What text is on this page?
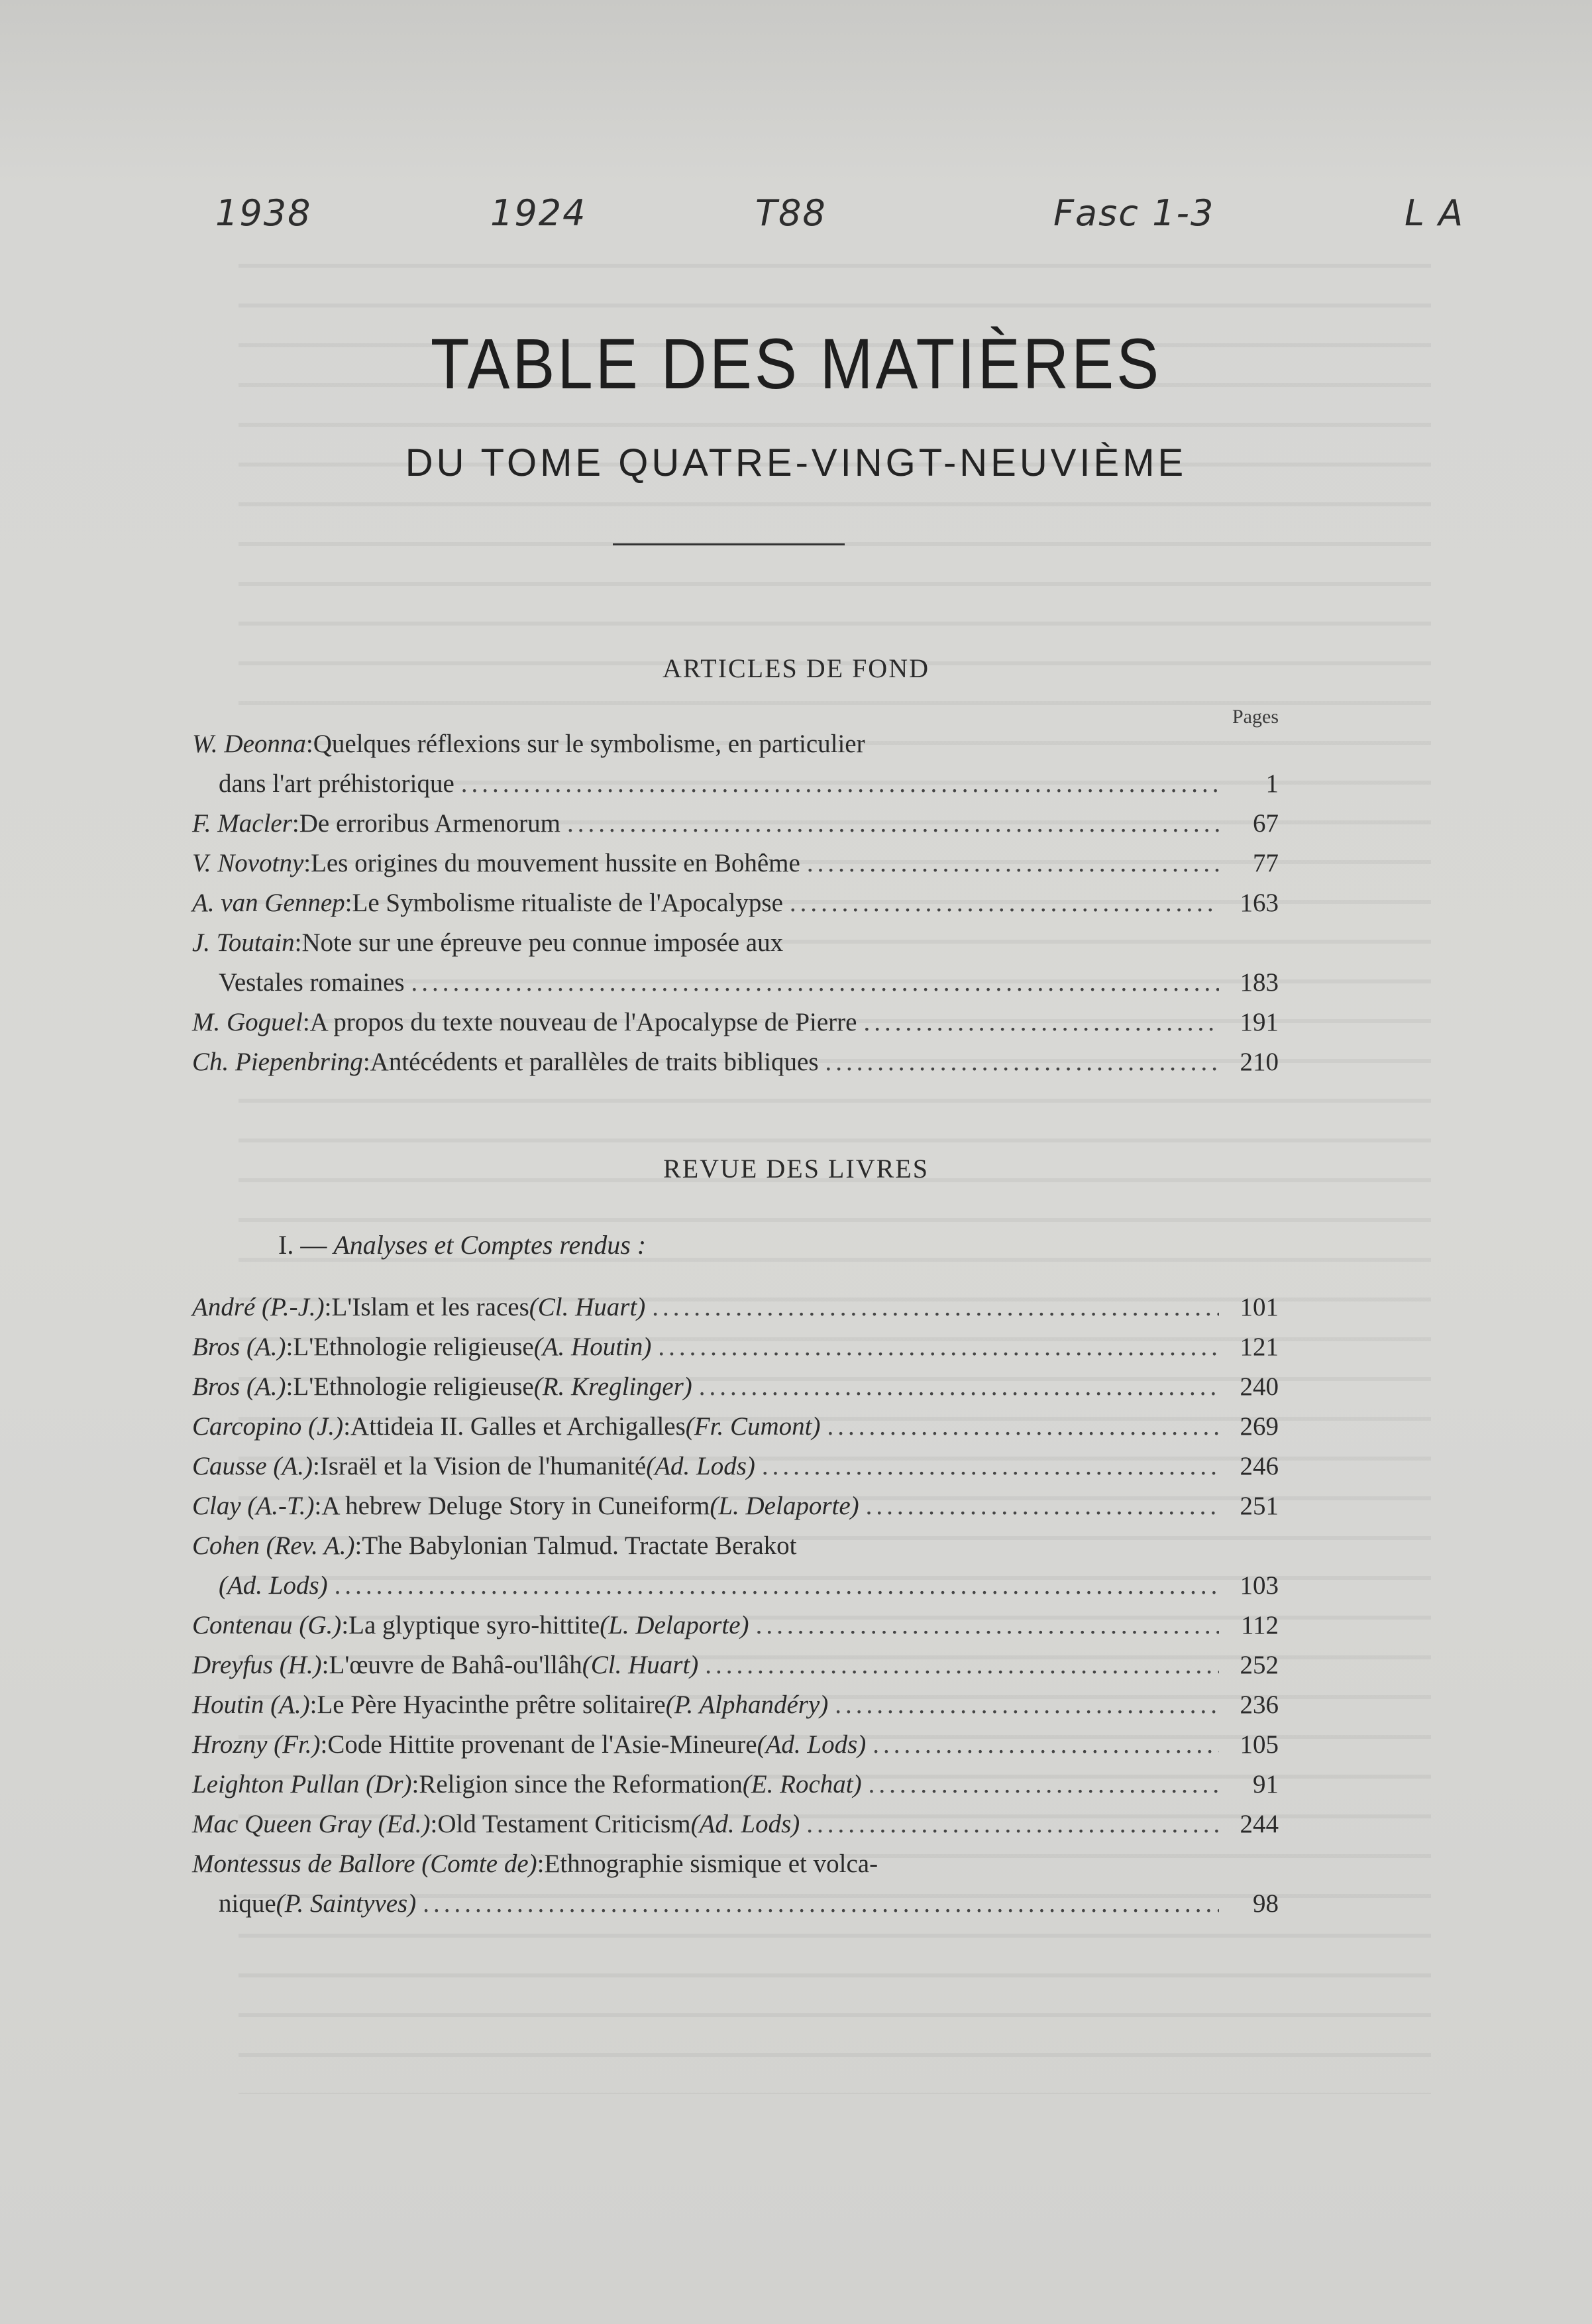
1938	1924	T88	Fasc 1-3	L A
TABLE DES MATIÈRES
DU TOME QUATRE-VINGT-NEUVIÈME
ARTICLES DE FOND
Pages
W. Deonna : Quelques réflexions sur le symbolisme, en particulier
dans l'art préhistorique .....	1
F. Macler : De erroribus Armenorum .....	67
V. Novotny : Les origines du mouvement hussite en Bohême .....	77
A. van Gennep : Le Symbolisme ritualiste de l'Apocalypse .....	163
J. Toutain : Note sur une épreuve peu connue imposée aux
Vestales romaines .....	183
M. Goguel : A propos du texte nouveau de l'Apocalypse de Pierre .....	191
Ch. Piepenbring : Antécédents et parallèles de traits bibliques .....	210
REVUE DES LIVRES
I. — Analyses et Comptes rendus :
André (P.-J.) : L'Islam et les races (Cl. Huart) .....	101
Bros (A.) : L'Ethnologie religieuse (A. Houtin) .....	121
Bros (A.) : L'Ethnologie religieuse (R. Kreglinger) .....	240
Carcopino (J.) : Attideia II. Galles et Archigalles (Fr. Cumont) .....	269
Causse (A.) : Israël et la Vision de l'humanité (Ad. Lods) .....	246
Clay (A.-T.) : A hebrew Deluge Story in Cuneiform (L. Delaporte) .....	251
Cohen (Rev. A.) : The Babylonian Talmud. Tractate Berakot
(Ad. Lods) .....	103
Contenau (G.) : La glyptique syro-hittite (L. Delaporte) .....	112
Dreyfus (H.) : L'œuvre de Bahâ-ou'llâh (Cl. Huart) .....	252
Houtin (A.) : Le Père Hyacinthe prêtre solitaire (P. Alphandéry) .....	236
Hrozny (Fr.) : Code Hittite provenant de l'Asie-Mineure (Ad. Lods) .....	105
Leighton Pullan (Dr) : Religion since the Reformation (E. Rochat) .....	91
Mac Queen Gray (Ed.) : Old Testament Criticism (Ad. Lods) .....	244
Montessus de Ballore (Comte de) : Ethnographie sismique et volca-
nique (P. Saintyves) .....	98
